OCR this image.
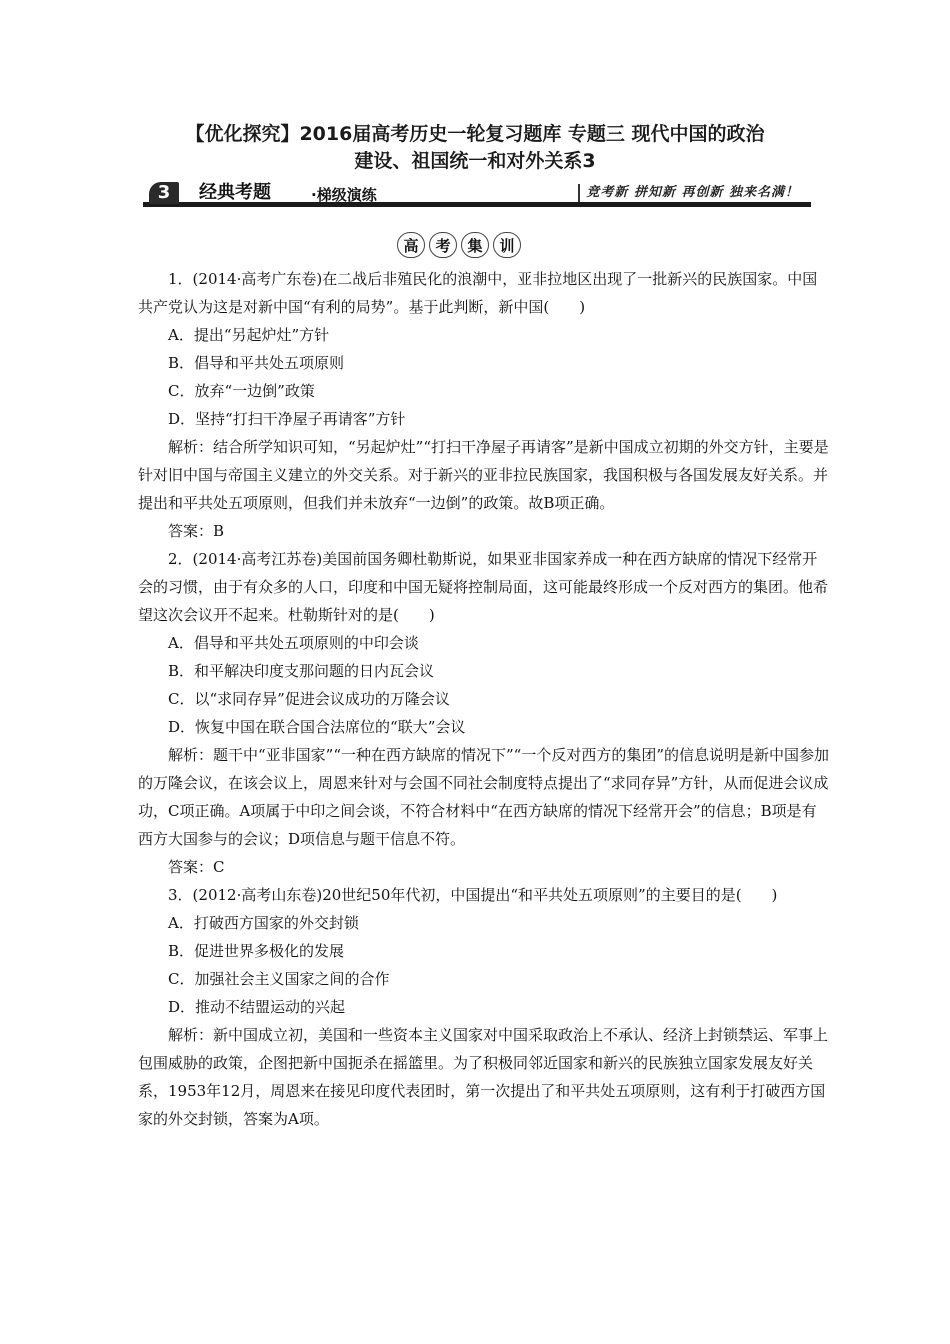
【优化探究】2016届高考历史一轮复习题库 专题三 现代中国的政治
建设、祖国统一和对外关系3
3	经典考题	·梯级演练	竞考新 拼知新 再创新 独来名满！
高	考	集	训

1．(2014·高考广东卷)在二战后非殖民化的浪潮中，亚非拉地区出现了一批新兴的民族国家。中国共产党认为这是对新中国“有利的局势”。基于此判断，新中国(　　)

A．提出“另起炉灶”方针

B．倡导和平共处五项原则

C．放弃“一边倒”政策

D．坚持“打扫干净屋子再请客”方针

解析：结合所学知识可知，“另起炉灶”“打扫干净屋子再请客”是新中国成立初期的外交方针，主要是针对旧中国与帝国主义建立的外交关系。对于新兴的亚非拉民族国家，我国积极与各国发展友好关系。并提出和平共处五项原则，但我们并未放弃“一边倒”的政策。故B项正确。

答案：B

2．(2014·高考江苏卷)美国前国务卿杜勒斯说，如果亚非国家养成一种在西方缺席的情况下经常开会的习惯，由于有众多的人口，印度和中国无疑将控制局面，这可能最终形成一个反对西方的集团。他希望这次会议开不起来。杜勒斯针对的是(　　)

A．倡导和平共处五项原则的中印会谈

B．和平解决印度支那问题的日内瓦会议

C．以“求同存异”促进会议成功的万隆会议

D．恢复中国在联合国合法席位的“联大”会议

解析：题干中“亚非国家”“一种在西方缺席的情况下”“一个反对西方的集团”的信息说明是新中国参加的万隆会议，在该会议上，周恩来针对与会国不同社会制度特点提出了“求同存异”方针，从而促进会议成功，C项正确。A项属于中印之间会谈，不符合材料中“在西方缺席的情况下经常开会”的信息；B项是有西方大国参与的会议；D项信息与题干信息不符。

答案：C

3．(2012·高考山东卷)20世纪50年代初，中国提出“和平共处五项原则”的主要目的是(　　)

A．打破西方国家的外交封锁

B．促进世界多极化的发展

C．加强社会主义国家之间的合作

D．推动不结盟运动的兴起

解析：新中国成立初，美国和一些资本主义国家对中国采取政治上不承认、经济上封锁禁运、军事上包围威胁的政策，企图把新中国扼杀在摇篮里。为了积极同邻近国家和新兴的民族独立国家发展友好关系，1953年12月，周恩来在接见印度代表团时，第一次提出了和平共处五项原则，这有利于打破西方国家的外交封锁，答案为A项。
